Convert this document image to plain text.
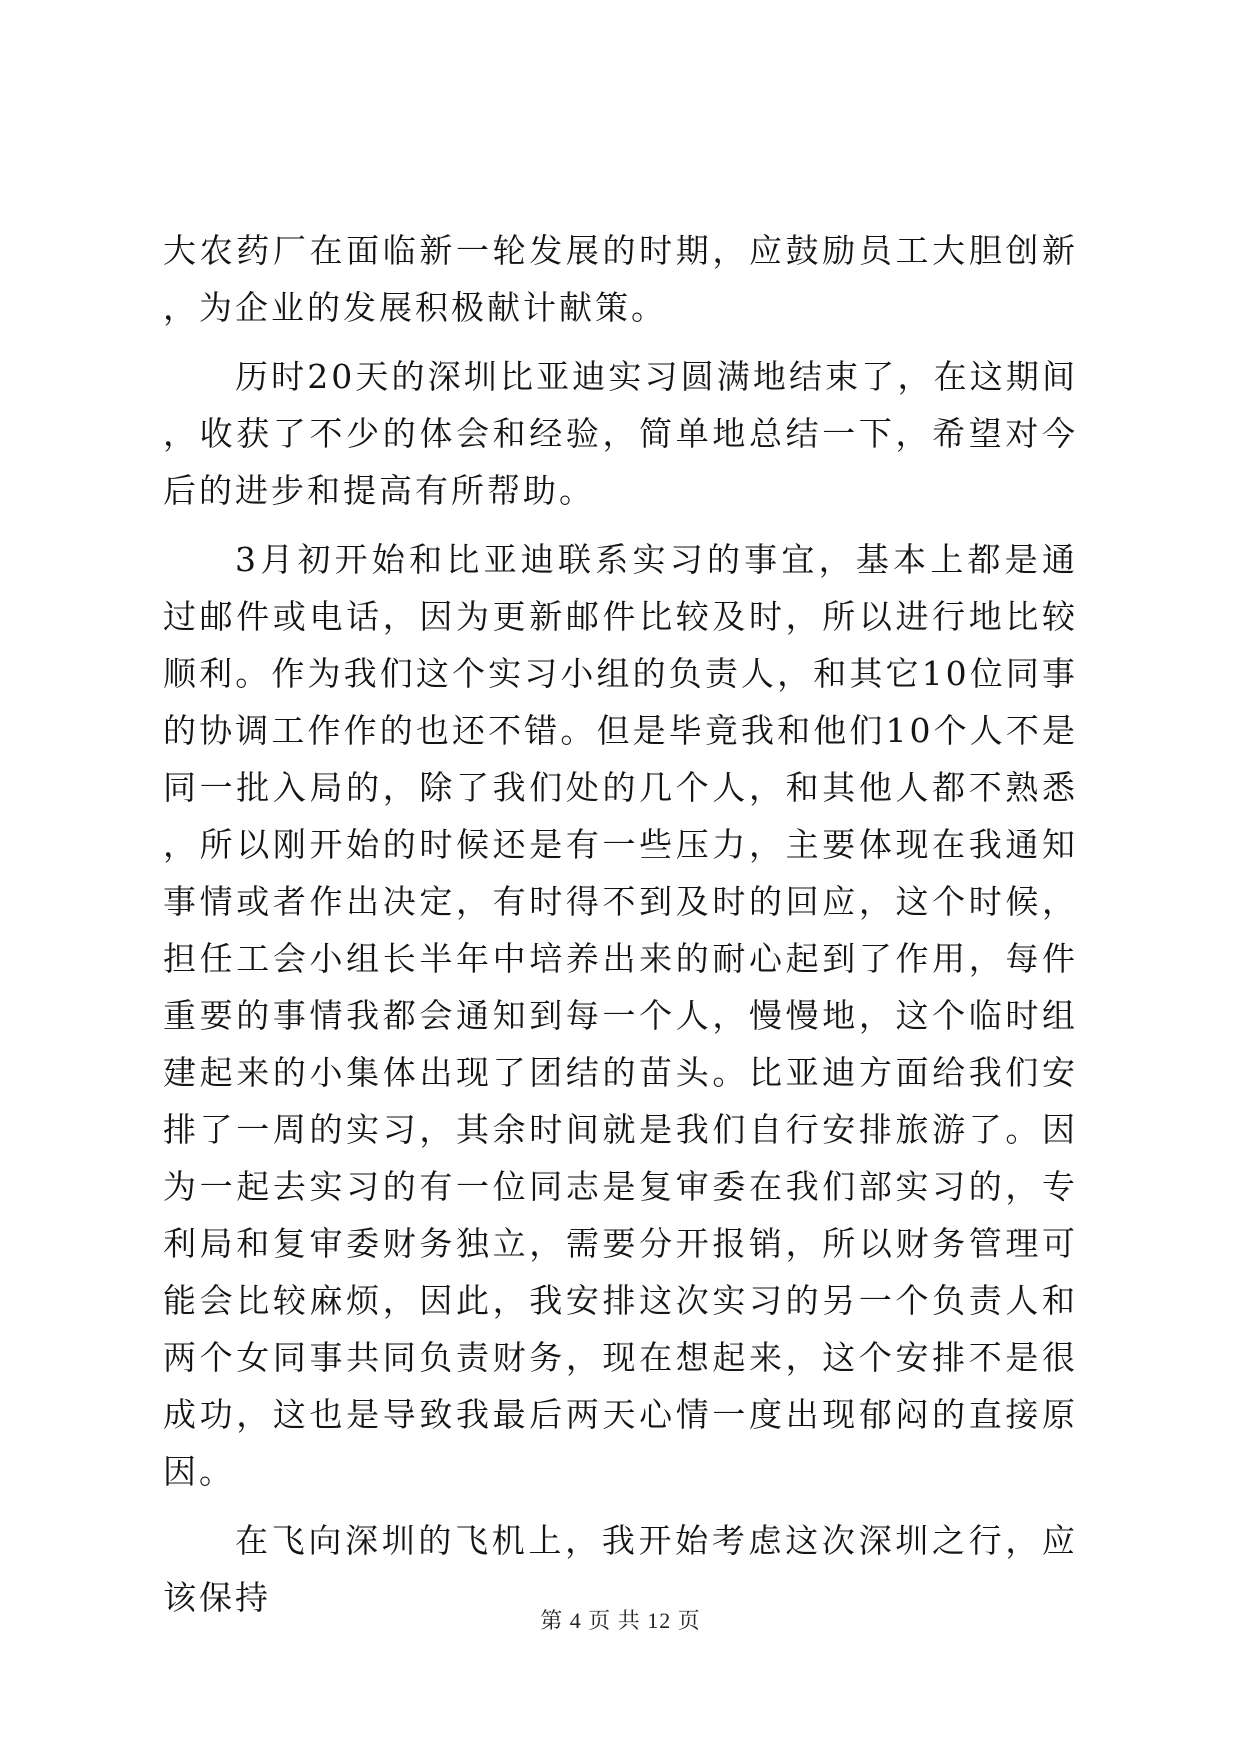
大农药厂在面临新一轮发展的时期，应鼓励员工大胆创新，为企业的发展积极献计献策。

历时20天的深圳比亚迪实习圆满地结束了，在这期间，收获了不少的体会和经验，简单地总结一下，希望对今后的进步和提高有所帮助。

3月初开始和比亚迪联系实习的事宜，基本上都是通过邮件或电话，因为更新邮件比较及时，所以进行地比较顺利。作为我们这个实习小组的负责人，和其它10位同事的协调工作作的也还不错。但是毕竟我和他们10个人不是同一批入局的，除了我们处的几个人，和其他人都不熟悉，所以刚开始的时候还是有一些压力，主要体现在我通知事情或者作出决定，有时得不到及时的回应，这个时候，担任工会小组长半年中培养出来的耐心起到了作用，每件重要的事情我都会通知到每一个人，慢慢地，这个临时组建起来的小集体出现了团结的苗头。比亚迪方面给我们安排了一周的实习，其余时间就是我们自行安排旅游了。因为一起去实习的有一位同志是复审委在我们部实习的，专利局和复审委财务独立，需要分开报销，所以财务管理可能会比较麻烦，因此，我安排这次实习的另一个负责人和两个女同事共同负责财务，现在想起来，这个安排不是很成功，这也是导致我最后两天心情一度出现郁闷的直接原因。

在飞向深圳的飞机上，我开始考虑这次深圳之行，应该保持

第 4 页 共 12 页
